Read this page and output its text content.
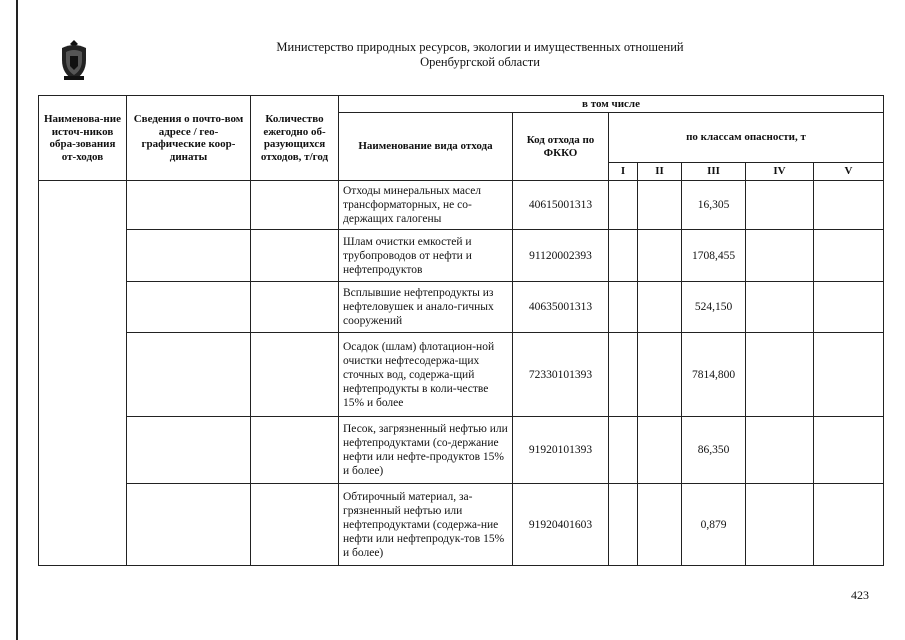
Министерство природных ресурсов, экологии и имущественных отношений
Оренбургской области
Наименова-ние источ-ников обра-зования от-ходов	Сведения о почто-вом адресе / гео-графические коор-динаты	Количество ежегодно об-разующихся отходов, т/год	в том числе						
			Наименование вида отхода	Код отхода по ФККО	по классам опасности, т				
					I	II	III	IV	V
			Отходы минеральных масел трансформаторных, не со-держащих галогены	40615001313			16,305		
			Шлам очистки емкостей и трубопроводов от нефти и нефтепродуктов	91120002393			1708,455		
			Всплывшие нефтепродукты из нефтеловушек и анало-гичных сооружений	40635001313			524,150		
			Осадок (шлам) флотацион-ной очистки нефтесодержа-щих сточных вод, содержа-щий нефтепродукты в коли-честве 15% и более	72330101393			7814,800		
			Песок, загрязненный нефтью или нефтепродуктами (со-держание нефти или нефте-продуктов 15% и более)	91920101393			86,350		
			Обтирочный материал, за-грязненный нефтью или нефтепродуктами (содержа-ние нефти или нефтепродук-тов 15% и более)	91920401603			0,879		
423
